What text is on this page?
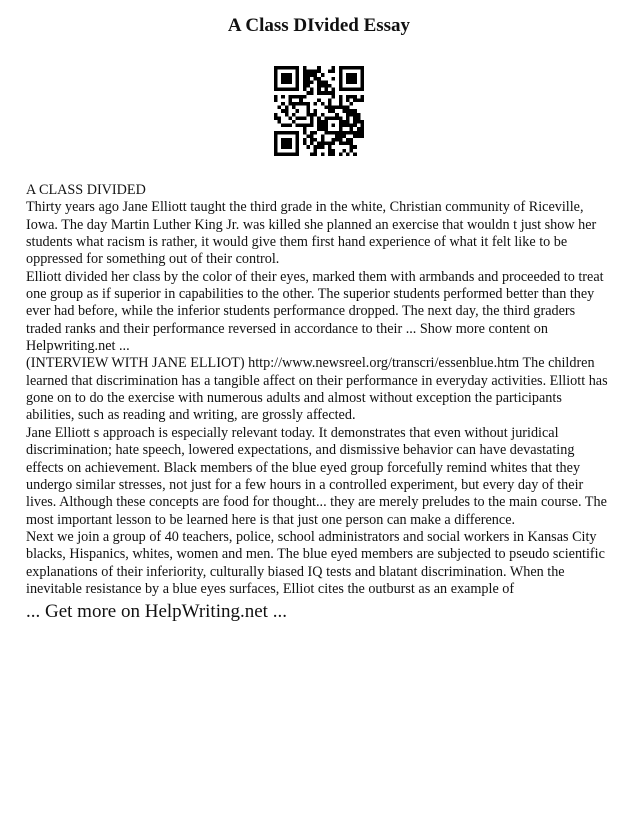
A Class DIvided Essay

A CLASS DIVIDED

Thirty years ago Jane Elliott taught the third grade in the white, Christian community of Riceville, Iowa. The day Martin Luther King Jr. was killed she planned an exercise that wouldn t just show her students what racism is rather, it would give them first hand experience of what it felt like to be oppressed for something out of their control.

Elliott divided her class by the color of their eyes, marked them with armbands and proceeded to treat one group as if superior in capabilities to the other. The superior students performed better than they ever had before, while the inferior students performance dropped. The next day, the third graders traded ranks and their performance reversed in accordance to their ... Show more content on Helpwriting.net ...

(INTERVIEW WITH JANE ELLIOT) http://www.newsreel.org/transcri/essenblue.htm The children learned that discrimination has a tangible affect on their performance in everyday activities. Elliott has gone on to do the exercise with numerous adults and almost without exception the participants abilities, such as reading and writing, are grossly affected.

Jane Elliott s approach is especially relevant today. It demonstrates that even without juridical discrimination; hate speech, lowered expectations, and dismissive behavior can have devastating effects on achievement. Black members of the blue eyed group forcefully remind whites that they undergo similar stresses, not just for a few hours in a controlled experiment, but every day of their lives. Although these concepts are food for thought... they are merely preludes to the main course. The most important lesson to be learned here is that just one person can make a difference.

Next we join a group of 40 teachers, police, school administrators and social workers in Kansas City blacks, Hispanics, whites, women and men. The blue eyed members are subjected to pseudo scientific explanations of their inferiority, culturally biased IQ tests and blatant discrimination. When the inevitable resistance by a blue eyes surfaces, Elliot cites the outburst as an example of

... Get more on HelpWriting.net ...
